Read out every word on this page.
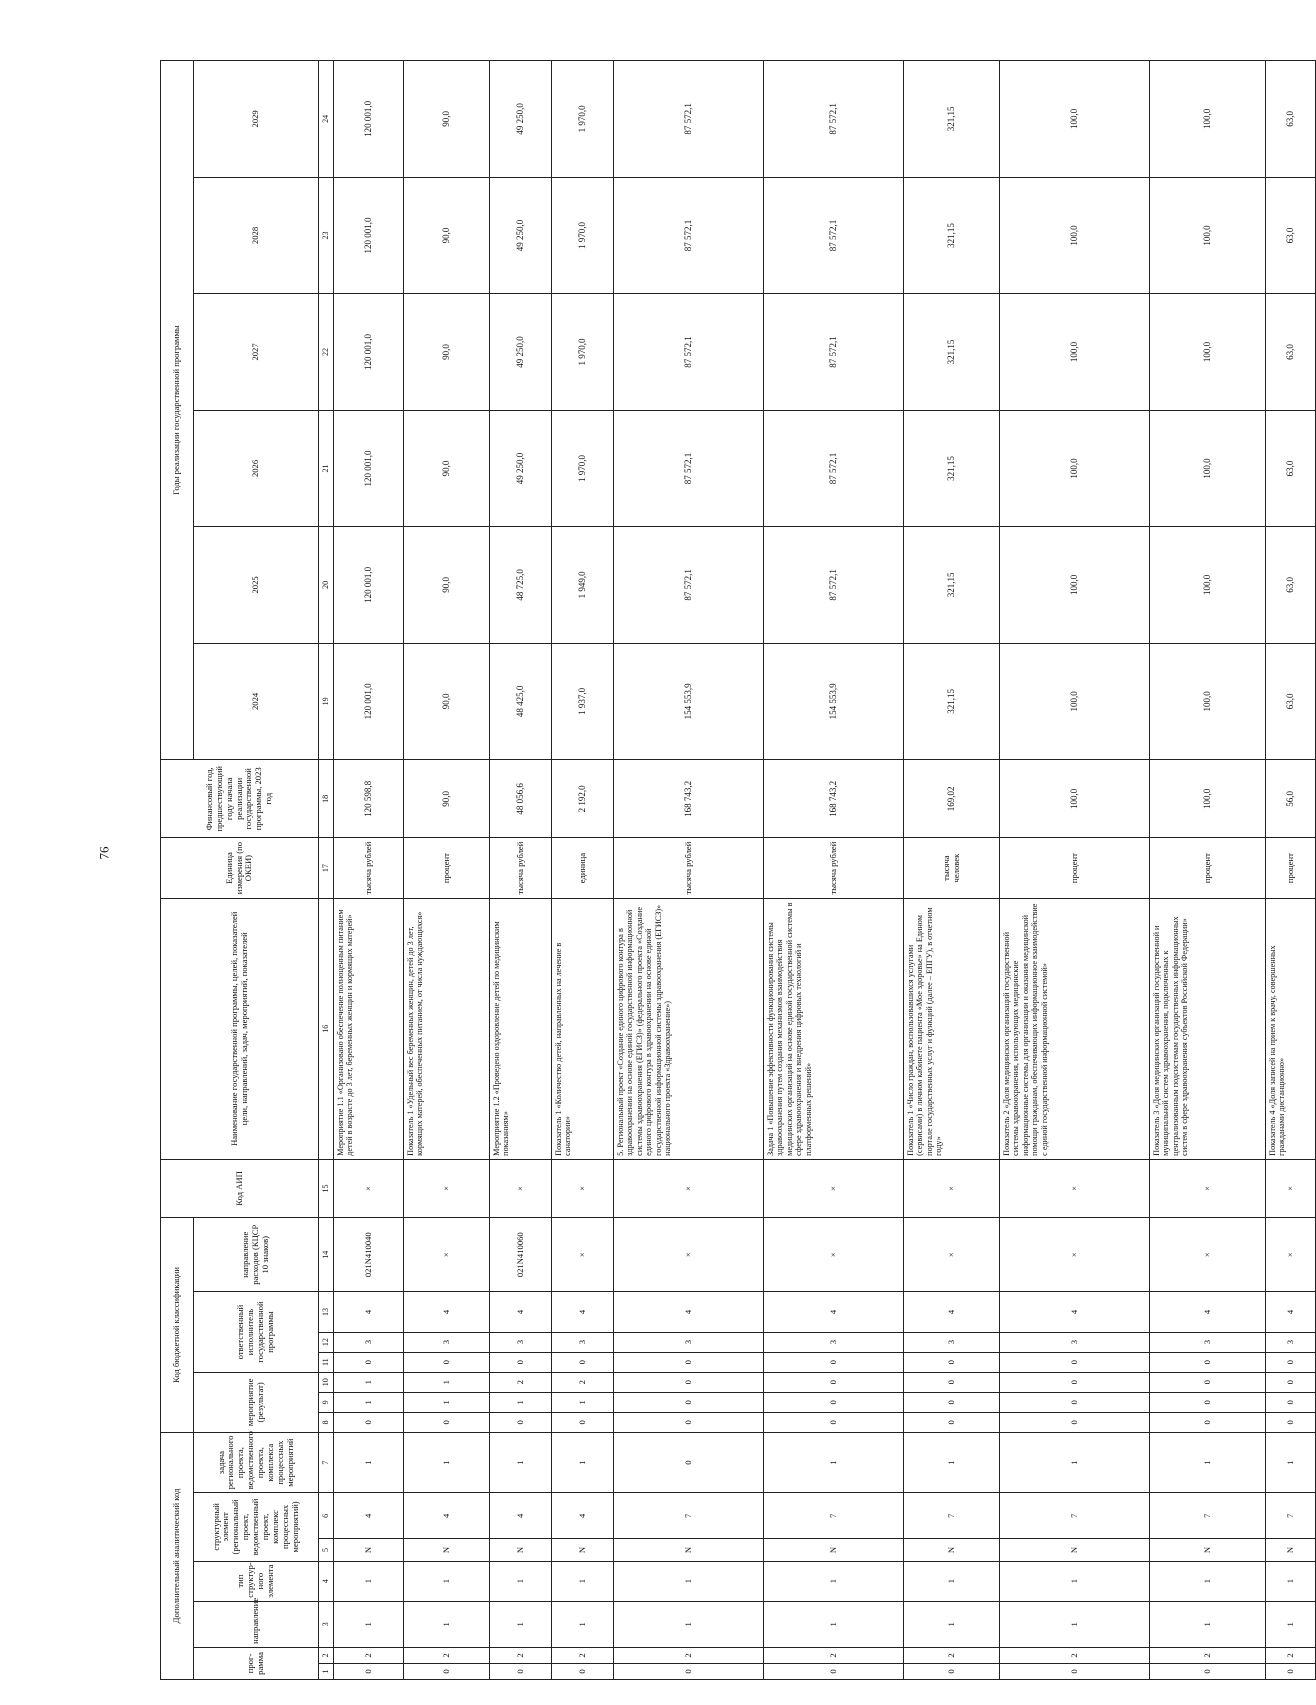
76
Дополнительный аналитический код							Код бюджетной классификации							Код АИП	Наименование государственной программы, целей, показателей цели, направлений, задач, мероприятий, показателей	Единица измерения (по ОКЕИ)	Финансовый год, предшествующий году начала реализации государственной программы, 2023 год	Годы реализации государственной программы					
прог-рамма		направление	тип структур-ного элемента	структурный элемент (региональный проект, ведомственный проект, комплекс процессных мероприятий)		задача регионального проекта, ведомственного проекта, комплекса процессных мероприятий	мероприятие (результат)			ответственный исполнитель государственной программы			направление расходов (КЦСР 10 знаков)					2024	2025	2026	2027	2028	2029
1	2	3	4	5	6	7	8	9	10	11	12	13	14	15	16	17	18	19	20	21	22	23	24
0	2	1	1	N	4	1	0	1	1	0	3	4	021N410040	×	Мероприятие 1.1 «Организовано обеспечение полноценным питанием детей в возрасте до 3 лет, беременных женщин и кормящих матерей»	тысяча рублей	120 598,8	120 001,0	120 001,0	120 001,0	120 001,0	120 001,0	120 001,0
0	2	1	1	N	4	1	0	1	1	0	3	4	×	×	Показатель 1 «Удельный вес беременных женщин, детей до 3 лет, кормящих матерей, обеспеченных питанием, от числа нуждающихся»	процент	90,0	90,0	90,0	90,0	90,0	90,0	90,0
0	2	1	1	N	4	1	0	1	2	0	3	4	021N410060	×	Мероприятие 1.2 «Проведено оздоровление детей по медицинским показаниям»	тысяча рублей	48 056,6	48 425,0	48 725,0	49 250,0	49 250,0	49 250,0	49 250,0
0	2	1	1	N	4	1	0	1	2	0	3	4	×	×	Показатель 1 «Количество детей, направленных на лечение в санатории»	единица	2 192,0	1 937,0	1 949,0	1 970,0	1 970,0	1 970,0	1 970,0
0	2	1	1	N	7	0	0	0	0	0	3	4	×	×	5. Региональный проект «Создание единого цифрового контура в здравоохранении на основе единой государственной информационной системы здравоохранения (ЕГИСЗ)» (федерального проекта «Создание единого цифрового контура в здравоохранении на основе единой государственной информационной системы здравоохранения (ЕГИСЗ)» национального проекта «Здравоохранение»)	тысяча рублей	168 743,2	154 553,9	87 572,1	87 572,1	87 572,1	87 572,1	87 572,1
0	2	1	1	N	7	1	0	0	0	0	3	4	×	×	Задача 1 «Повышение эффективности функционирования системы здравоохранения путем создания механизмов взаимодействия медицинских организаций на основе единой государственной системы в сфере здравоохранения и внедрения цифровых технологий и платформенных решений»	тысяча рублей	168 743,2	154 553,9	87 572,1	87 572,1	87 572,1	87 572,1	87 572,1
0	2	1	1	N	7	1	0	0	0	0	3	4	×	×	Показатель 1 «Число граждан, воспользовавшихся услугами (сервисами) в личном кабинете пациента «Мое здоровье» на Едином портале государственных услуг и функций (далее – ЕПГУ), в отчетном году»	тысяча человек	169,02	321,15	321,15	321,15	321,15	321,15	321,15
0	2	1	1	N	7	1	0	0	0	0	3	4	×	×	Показатель 2 «Доля медицинских организаций государственной системы здравоохранения, использующих медицинские информационные системы для организации и оказания медицинской помощи гражданам, обеспечивающих информационное взаимодействие с единой государственной информационной системой»	процент	100,0	100,0	100,0	100,0	100,0	100,0	100,0
0	2	1	1	N	7	1	0	0	0	0	3	4	×	×	Показатель 3 «Доля медицинских организаций государственной и муниципальной систем здравоохранения, подключенных к централизованным подсистемам государственных информационных систем в сфере здравоохранения субъектов Российской Федерации»	процент	100,0	100,0	100,0	100,0	100,0	100,0	100,0
0	2	1	1	N	7	1	0	0	0	0	3	4	×	×	Показатель 4 «Доля записей на прием к врачу, совершенных гражданами дистанционно»	процент	56,0	63,0	63,0	63,0	63,0	63,0	63,0
